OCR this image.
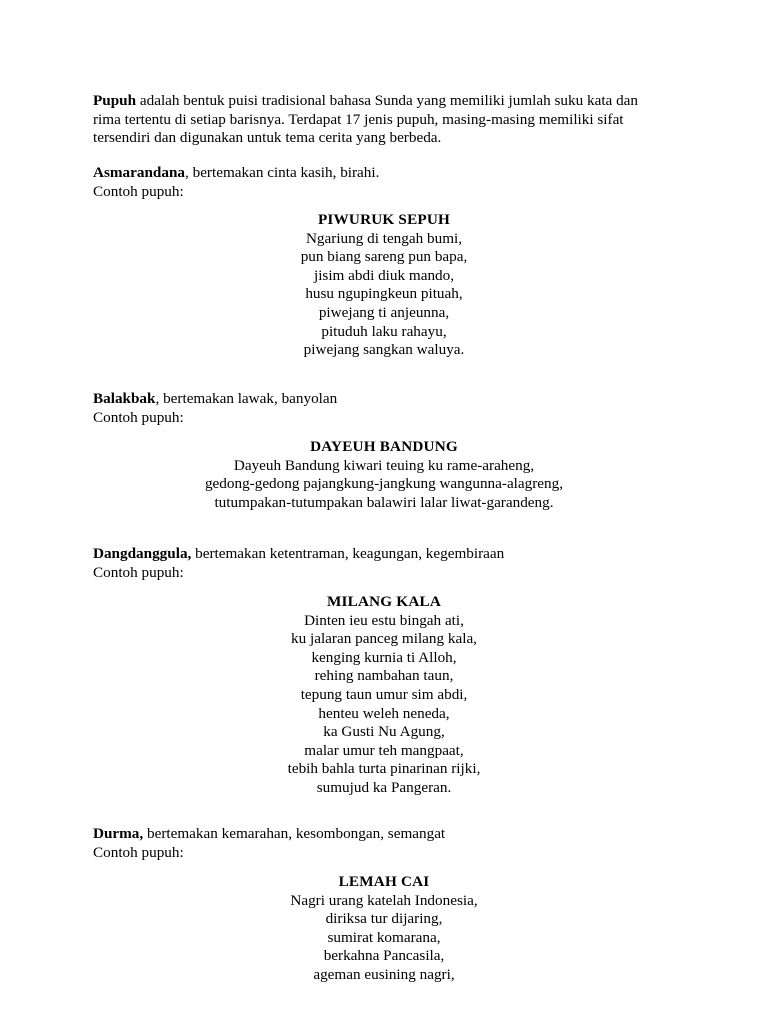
Pupuh adalah bentuk puisi tradisional bahasa Sunda yang memiliki jumlah suku kata dan
rima tertentu di setiap barisnya. Terdapat 17 jenis pupuh, masing-masing memiliki sifat
tersendiri dan digunakan untuk tema cerita yang berbeda.

Asmarandana, bertemakan cinta kasih, birahi.

Contoh pupuh:

PIWURUK SEPUH
Ngariung di tengah bumi,
pun biang sareng pun bapa,
jisim abdi diuk mando,
husu ngupingkeun pituah,
piwejang ti anjeunna,
pituduh laku rahayu,
piwejang sangkan waluya.

Balakbak, bertemakan lawak, banyolan

Contoh pupuh:

DAYEUH BANDUNG
Dayeuh Bandung kiwari teuing ku rame-araheng,
gedong-gedong pajangkung-jangkung wangunna-alagreng,
tutumpakan-tutumpakan balawiri lalar liwat-garandeng.

Dangdanggula, bertemakan ketentraman, keagungan, kegembiraan

Contoh pupuh:

MILANG KALA
Dinten ieu estu bingah ati,
ku jalaran panceg milang kala,
kenging kurnia ti Alloh,
rehing nambahan taun,
tepung taun umur sim abdi,
henteu weleh neneda,
ka Gusti Nu Agung,
malar umur teh mangpaat,
tebih bahla turta pinarinan rijki,
sumujud ka Pangeran.

Durma, bertemakan kemarahan, kesombongan, semangat

Contoh pupuh:

LEMAH CAI
Nagri urang katelah Indonesia,
diriksa tur dijaring,
sumirat komarana,
berkahna Pancasila,
ageman eusining nagri,
